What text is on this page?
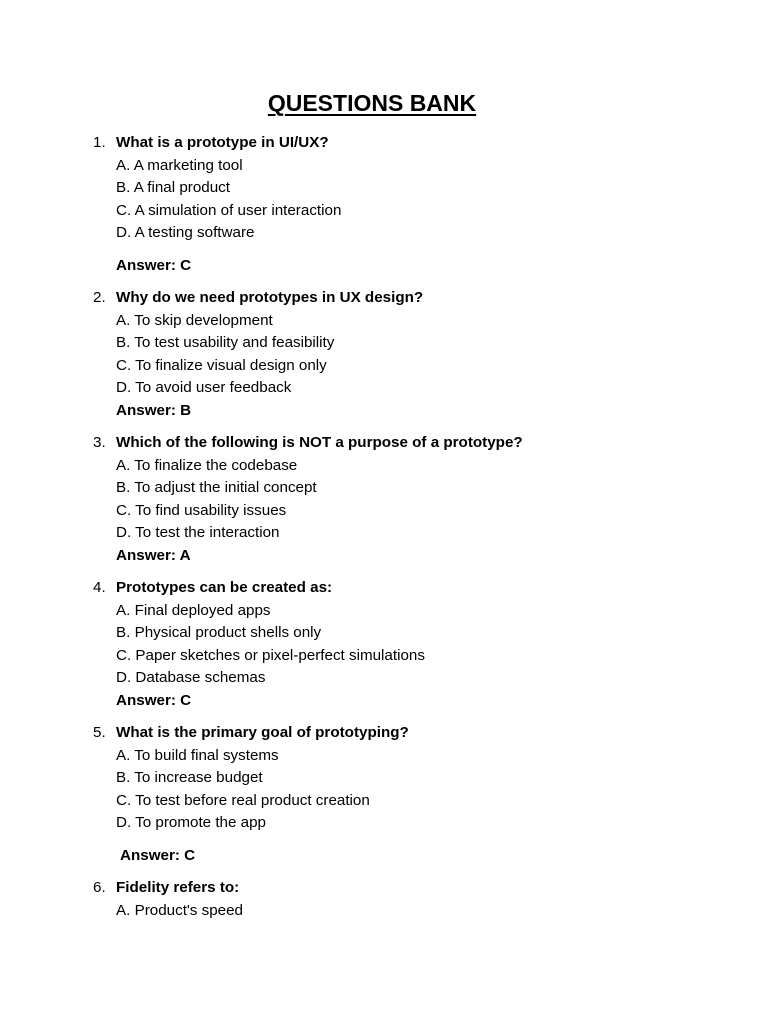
QUESTIONS BANK
1. What is a prototype in UI/UX?
A. A marketing tool
B. A final product
C. A simulation of user interaction
D. A testing software
Answer: C
2. Why do we need prototypes in UX design?
A. To skip development
B. To test usability and feasibility
C. To finalize visual design only
D. To avoid user feedback
Answer: B
3. Which of the following is NOT a purpose of a prototype?
A. To finalize the codebase
B. To adjust the initial concept
C. To find usability issues
D. To test the interaction
Answer: A
4. Prototypes can be created as:
A. Final deployed apps
B. Physical product shells only
C. Paper sketches or pixel-perfect simulations
D. Database schemas
Answer: C
5. What is the primary goal of prototyping?
A. To build final systems
B. To increase budget
C. To test before real product creation
D. To promote the app
Answer: C
6. Fidelity refers to:
A. Product's speed
